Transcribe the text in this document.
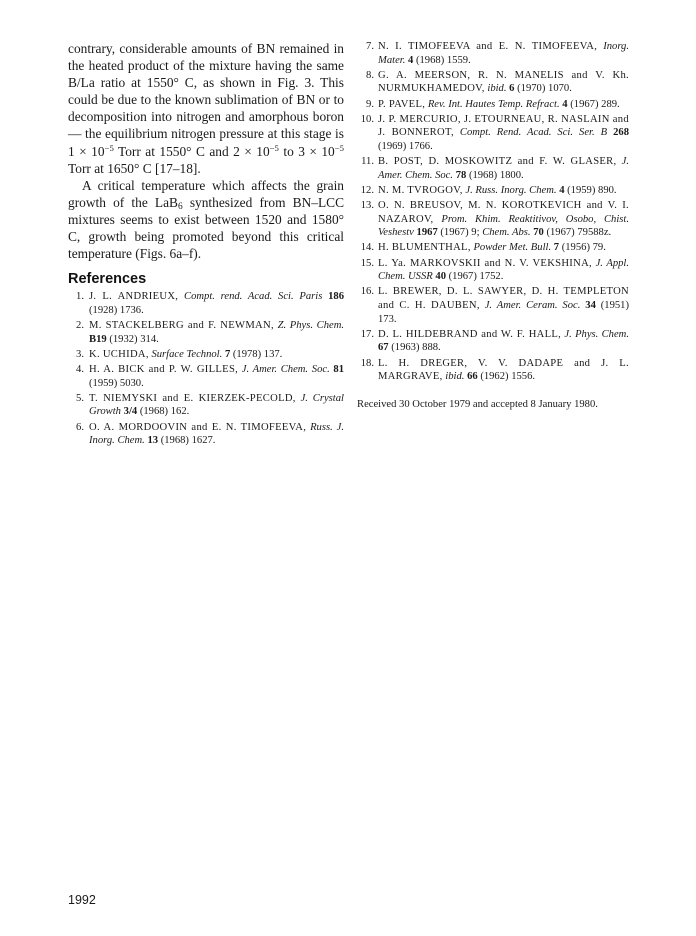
contrary, considerable amounts of BN remained in the heated product of the mixture having the same B/La ratio at 1550° C, as shown in Fig. 3. This could be due to the known sublimation of BN or to decomposition into nitrogen and amorphous boron — the equilibrium nitrogen pressure at this stage is $1 \times 10^{-5}$ Torr at 1550° C and $2 \times 10^{-5}$ to $3 \times 10^{-5}$ Torr at 1650° C [17–18].

A critical temperature which affects the grain growth of the LaB$_6$ synthesized from BN–LCC mixtures seems to exist between 1520 and 1580° C, growth being promoted beyond this critical temperature (Figs. 6a–f).

References
1. J. L. ANDRIEUX, Compt. rend. Acad. Sci. Paris 186 (1928) 1736.
2. M. STACKELBERG and F. NEWMAN, Z. Phys. Chem. B19 (1932) 314.
3. K. UCHIDA, Surface Technol. 7 (1978) 137.
4. H. A. BICK and P. W. GILLES, J. Amer. Chem. Soc. 81 (1959) 5030.
5. T. NIEMYSKI and E. KIERZEK-PECOLD, J. Crystal Growth 3/4 (1968) 162.
6. O. A. MORDOOVIN and E. N. TIMOFEEVA, Russ. J. Inorg. Chem. 13 (1968) 1627.
7. N. I. TIMOFEEVA and E. N. TIMOFEEVA, Inorg. Mater. 4 (1968) 1559.
8. G. A. MEERSON, R. N. MANELIS and V. Kh. NURMUKHAMEDOV, ibid. 6 (1970) 1070.
9. P. PAVEL, Rev. Int. Hautes Temp. Refract. 4 (1967) 289.
10. J. P. MERCURIO, J. ETOURNEAU, R. NASLAIN and J. BONNEROT, Compt. Rend. Acad. Sci. Ser. B 268 (1969) 1766.
11. B. POST, D. MOSKOWITZ and F. W. GLASER, J. Amer. Chem. Soc. 78 (1968) 1800.
12. N. M. TVROGOV, J. Russ. Inorg. Chem. 4 (1959) 890.
13. O. N. BREUSOV, M. N. KOROTKEVICH and V. I. NAZAROV, Prom. Khim. Reaktitivov, Osobo, Chist. Veshestv 1967 (1967) 9; Chem. Abs. 70 (1967) 79588z.
14. H. BLUMENTHAL, Powder Met. Bull. 7 (1956) 79.
15. L. Ya. MARKOVSKII and N. V. VEKSHINA, J. Appl. Chem. USSR 40 (1967) 1752.
16. L. BREWER, D. L. SAWYER, D. H. TEMPLETON and C. H. DAUBEN, J. Amer. Ceram. Soc. 34 (1951) 173.
17. D. L. HILDEBRAND and W. F. HALL, J. Phys. Chem. 67 (1963) 888.
18. L. H. DREGER, V. V. DADAPE and J. L. MARGRAVE, ibid. 66 (1962) 1556.
Received 30 October 1979 and accepted 8 January 1980.
1992
